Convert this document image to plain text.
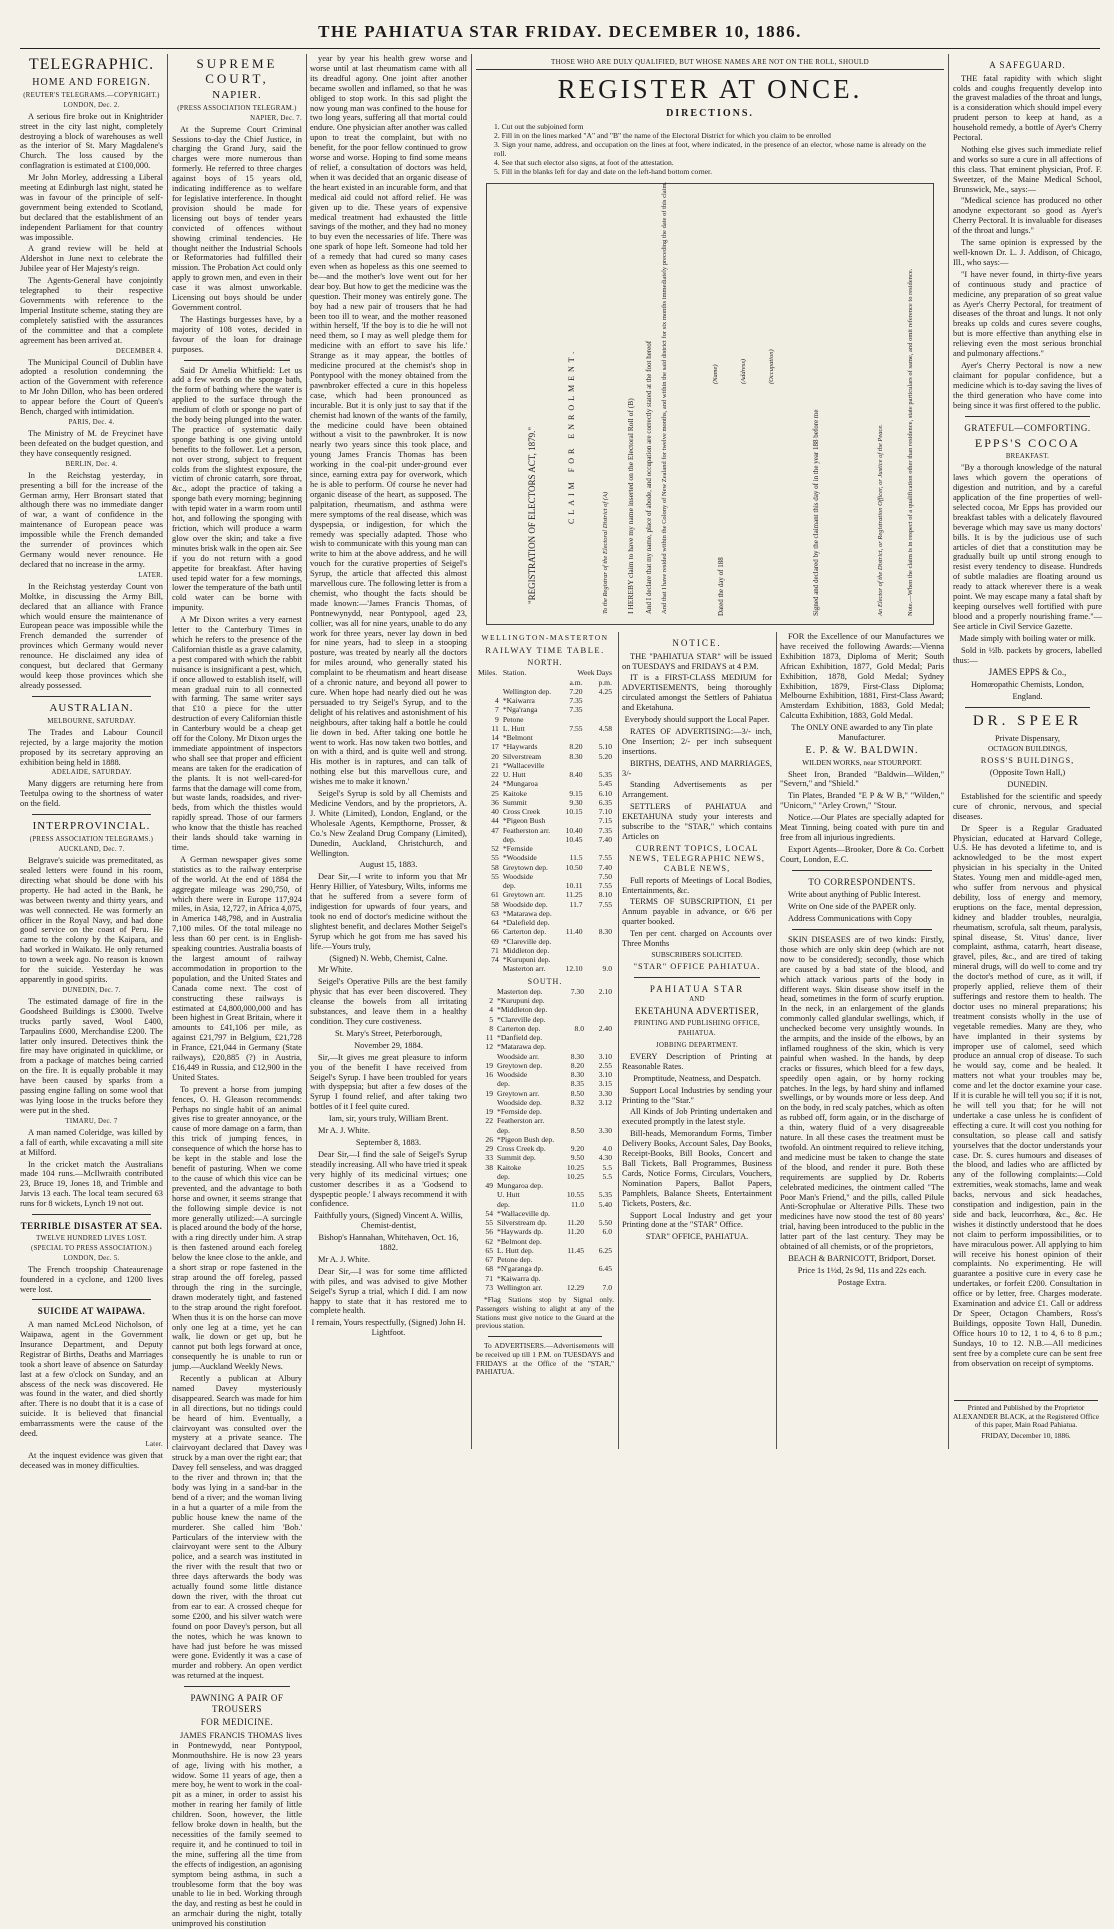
THE PAHIATUA STAR FRIDAY. DECEMBER 10, 1886.
TELEGRAPHIC.
HOME AND FOREIGN.
(REUTER'S TELEGRAMS.—COPYRIGHT.)
LONDON, Dec. 2.

A serious fire broke out in Knightrider street in the city last night, completely destroying a block of warehouses as well as the interior of St. Mary Magdalene's Church. The loss caused by the conflagration is estimated at £100,000.

Mr John Morley, addressing a Liberal meeting at Edinburgh last night, stated he was in favour of the principle of self-government being extended to Scotland, but declared that the establishment of an independent Parliament for that country was impossible.

A grand review will be held at Aldershot in June next to celebrate the Jubilee year of Her Majesty's reign.

The Agents-General have conjointly telegraphed to their respective Governments with reference to the Imperial Institute scheme, stating they are completely satisfied with the assurances of the committee and that a complete agreement has been arrived at.

DECEMBER 4.

The Municipal Council of Dublin have adopted a resolution condemning the action of the Government with reference to Mr John Dillon, who has been ordered to appear before the Court of Queen's Bench, charged with intimidation.

PARIS, Dec. 4.

The Ministry of M. de Freycinet have been defeated on the budget question, and they have consequently resigned.

BERLIN, Dec. 4.

In the Reichstag yesterday, in presenting a bill for the increase of the German army, Herr Bronsart stated that although there was no immediate danger of war, a want of confidence in the maintenance of European peace was impossible while the French demanded the surrender of provinces which Germany would never renounce. He declared that no increase in the army.

LATER.

In the Reichstag yesterday Count von Moltke, in discussing the Army Bill, declared that an alliance with France which would ensure the maintenance of European peace was impossible while the French demanded the surrender of provinces which Germany would never renounce. He disclaimed any idea of conquest, but declared that Germany would keep those provinces which she already possessed.

AUSTRALIAN.
MELBOURNE, SATURDAY.

The Trades and Labour Council rejected, by a large majority the motion proposed by its secretary approving an exhibition being held in 1888.

ADELAIDE, SATURDAY.

Many diggers are returning here from Teetulpa owing to the shortness of water on the field.

INTERPROVINCIAL.
(PRESS ASSOCIATION TELEGRAMS.)
AUCKLAND, Dec. 7.

Belgrave's suicide was premeditated, as sealed letters were found in his room, directing what should be done with his property. He had acted in the Bank, he was between twenty and thirty years, and was well connected. He was formerly an officer in the Royal Navy, and had done good service on the coast of Peru. He came to the colony by the Kaipara, and had worked in Waikato. He only returned to town a week ago. No reason is known for the suicide. Yesterday he was apparently in good spirits.

DUNEDIN, Dec. 7.

The estimated damage of fire in the Goodsheed Buildings is £3000. Twelve trucks partly saved, Wool £400, Tarpaulins £600, Merchandise £200. The latter only insured. Detectives think the fire may have originated in quicklime, or from a package of matches being carried on the fire. It is equally probable it may have been caused by sparks from a passing engine falling on some wool that was lying loose in the trucks before they were put in the shed.

TIMARU, Dec. 7

A man named Coleridge, was killed by a fall of earth, while excavating a mill site at Milford.

In the cricket match the Australians made 104 runs.—McIlwraith contributed 23, Bruce 19, Jones 18, and Trimble and Jarvis 13 each. The local team secured 63 runs for 8 wickets, Lynch 19 not out.

TERRIBLE DISASTER AT SEA.
TWELVE HUNDRED LIVES LOST.
(SPECIAL TO PRESS ASSOCIATION.)
LONDON, Dec. 5.

The French troopship Chateaurenage foundered in a cyclone, and 1200 lives were lost.

SUICIDE AT WAIPAWA.

A man named McLeod Nicholson, of Waipawa, agent in the Government Insurance Department, and Deputy Registrar of Births, Deaths and Marriages took a short leave of absence on Saturday last at a few o'clock on Sunday, and an abscess of the neck was discovered. He was found in the water, and died shortly after. There is no doubt that it is a case of suicide. It is believed that financial embarrassments were the cause of the deed.

Later.

At the inquest evidence was given that deceased was in money difficulties.

SUPREME COURT,
NAPIER.
(PRESS ASSOCIATION TELEGRAM.)
NAPIER, Dec. 7.

At the Supreme Court Criminal Sessions to-day the Chief Justice, in charging the Grand Jury, said the charges were more numerous than formerly. He referred to three charges against boys of 15 years old, indicating indifference as to welfare for legislative interference. In thought provision should be made for licensing out boys of tender years convicted of offences without showing criminal tendencies. He thought neither the Industrial Schools or Reformatories had fulfilled their mission. The Probation Act could only apply to grown men, and even in their case it was almost unworkable. Licensing out boys should be under Government control.

The Hastings burgesses have, by a majority of 108 votes, decided in favour of the loan for drainage purposes.

Said Dr Amelia Whitfield: Let us add a few words on the sponge bath, the form of bathing where the water is applied to the surface through the medium of cloth or sponge no part of the body being plunged into the water. The practice of systematic daily sponge bathing is one giving untold benefits to the follower. Let a person, not over strong, subject to frequent colds from the slightest exposure, the victim of chronic catarrh, sore throat, &c., adopt the practice of taking a sponge bath every morning; beginning with tepid water in a warm room until hot, and following the sponging with friction, which will produce a warm glow over the skin; and take a five minutes brisk walk in the open air. See if you do not return with a good appetite for breakfast. After having used tepid water for a few mornings, lower the temperature of the bath until cold water can be borne with impunity.

A Mr Dixon writes a very earnest letter to the Canterbury Times in which he refers to the presence of the Californian thistle as a grave calamity, a pest compared with which the rabbit nuisance is insignificant a pest, which, if once allowed to establish itself, will mean gradual ruin to all connected with farming. The same writer says that £10 a piece for the utter destruction of every Californian thistle in Canterbury would be a cheap get off for the Colony. Mr Dixon urges the immediate appointment of inspectors who shall see that proper and efficient means are taken for the eradication of the plants. It is not well-cared-for farms that the damage will come from, but waste lands, roadsides, and river-beds, from which the thistles would rapidly spread. Those of our farmers who know that the thistle has reached their lands should take warning in time.

A German newspaper gives some statistics as to the railway enterprise of the world. At the end of 1884 the aggregate mileage was 290,750, of which there were in Europe 117,924 miles, in Asia, 12,727, in Africa 4,075, in America 148,798, and in Australia 7,100 miles. Of the total mileage no less than 60 per cent. is in English-speaking countries. Australia boasts of the largest amount of railway accommodation in proportion to the population, and the United States and Canada come next. The cost of constructing these railways is estimated at £4,800,000,000 and has been highest in Great Britain, where it amounts to £41,106 per mile, as against £21,797 in Belgium, £21,728 in France, £21,044 in Germany (State railways), £20,885 (?) in Austria, £16,449 in Russia, and £12,900 in the United States.

To prevent a horse from jumping fences, O. H. Gleason recommends: Perhaps no single habit of an animal gives rise to greater annoyance, or the cause of more damage on a farm, than this trick of jumping fences, in consequence of which the horse has to be kept in the stable and lose the benefit of pasturing. When we come to the cause of which this vice can be prevented, and the advantage to both horse and owner, it seems strange that the following simple device is not more generally utilized:—A surcingle is placed around the body of the horse, with a ring directly under him. A strap is then fastened around each foreleg below the knee close to the ankle, and a short strap or rope fastened in the strap around the off foreleg, passed through the ring in the surcingle, drawn moderately tight, and fastened to the strap around the right forefoot. When thus it is on the horse can move only one leg at a time, yet he can walk, lie down or get up, but he cannot put both legs forward at once, consequently he is unable to run or jump.—Auckland Weekly News.

Recently a publican at Albury named Davey mysteriously disappeared. Search was made for him in all directions, but no tidings could be heard of him. Eventually, a clairvoyant was consulted over the mystery at a private seance. The clairvoyant declared that Davey was struck by a man over the right ear; that Davey fell senseless, and was dragged to the river and thrown in; that the body was lying in a sand-bar in the bend of a river; and the woman living in a hut a quarter of a mile from the public house knew the name of the murderer. She called him 'Bob.' Particulars of the interview with the clairvoyant were sent to the Albury police, and a search was instituted in the river with the result that two or three days afterwards the body was actually found some little distance down the river, with the throat cut from ear to ear. A crossed cheque for some £200, and his silver watch were found on poor Davey's person, but all the notes, which he was known to have had just before he was missed were gone. Evidently it was a case of murder and robbery. An open verdict was returned at the inquest.

PAWNING A PAIR OF TROUSERS
FOR MEDICINE.

JAMES FRANCIS THOMAS lives in Pontnewydd, near Pontypool, Monmouthshire. He is now 23 years of age, living with his mother, a widow. Some 11 years of age, then a mere boy, he went to work in the coal-pit as a miner, in order to assist his mother in rearing her family of little children. Soon, however, the little fellow broke down in health, but the necessities of the family seemed to require it, and he continued to toil in the mine, suffering all the time from the effects of indigestion, an agonising symptom being asthma, in such a troublesome form that the boy was unable to lie in bed. Working through the day, and resting as best he could in an armchair during the night, totally unimproved his constitution

year by year his health grew worse and worse until at last rheumatism came with all its dreadful agony. One joint after another became swollen and inflamed, so that he was obliged to stop work. In this sad plight the now young man was confined to the house for two long years, suffering all that mortal could endure. One physician after another was called upon to treat the complaint, but with no benefit, for the poor fellow continued to grow worse and worse. Hoping to find some means of relief, a consultation of doctors was held, when it was decided that an organic disease of the heart existed in an incurable form, and that medical aid could not afford relief. He was given up to die. These years of expensive medical treatment had exhausted the little savings of the mother, and they had no money to buy even the necessaries of life. There was one spark of hope left. Someone had told her of a remedy that had cured so many cases even when as hopeless as this one seemed to be—and the mother's love went out for her dear boy. But how to get the medicine was the question. Their money was entirely gone. The boy had a new pair of trousers that he had been too ill to wear, and the mother reasoned within herself, 'If the boy is to die he will not need them, so I may as well pledge them for medicine with an effort to save his life.' Strange as it may appear, the bottles of medicine procured at the chemist's shop in Pontypool with the money obtained from the pawnbroker effected a cure in this hopeless case, which had been pronounced as incurable. But it is only just to say that if the chemist had known of the wants of the family, the medicine could have been obtained without a visit to the pawnbroker. It is now nearly two years since this took place, and young James Francis Thomas has been working in the coal-pit under-ground ever since, earning extra pay for overwork, which he is able to perform. Of course he never had organic disease of the heart, as supposed. The palpitation, rheumatism, and asthma were mere symptoms of the real disease, which was dyspepsia, or indigestion, for which the remedy was specially adapted. Those who wish to communicate with this young man can write to him at the above address, and he will vouch for the curative properties of Seigel's Syrup, the article that affected this almost marvellous cure. The following letter is from a chemist, who thought the facts should be made known:—'James Francis Thomas, of Pontnewynydd, near Pontypool, aged 23, collier, was all for nine years, unable to do any work for three years, never lay down in bed for nine years, had to sleep in a stooping posture, was treated by nearly all the doctors for miles around, who generally stated his complaint to be rheumatism and heart disease of a chronic nature, and beyond all power to cure. When hope had nearly died out he was persuaded to try Seigel's Syrup, and to the delight of his relatives and astonishment of his neighbours, after taking half a bottle he could lie down in bed. After taking one bottle he went to work. Has now taken two bottles, and on with a third, and is quite well and strong. His mother is in raptures, and can talk of nothing else but this marvellous cure, and wishes me to make it known.'

Seigel's Syrup is sold by all Chemists and Medicine Vendors, and by the proprietors, A. J. White (Limited), London, England, or the Wholesale Agents, Kempthorne, Prosser, & Co.'s New Zealand Drug Company (Limited), Dunedin, Auckland, Christchurch, and Wellington.

August 15, 1883.

Dear Sir,—I write to inform you that Mr Henry Hillier, of Yatesbury, Wilts, informs me that he suffered from a severe form of indigestion for upwards of four years, and took no end of doctor's medicine without the slightest benefit, and declares Mother Seigel's Syrup which he got from me has saved his life.—Yours truly,

(Signed) N. Webb, Chemist, Calne.

Mr White.

Seigel's Operative Pills are the best family physic that has ever been discovered. They cleanse the bowels from all irritating substances, and leave them in a healthy condition. They cure costiveness.

St. Mary's Street, Peterborough,

November 29, 1884.

Sir,—It gives me great pleasure to inform you of the benefit I have received from Seigel's Syrup. I have been troubled for years with dyspepsia; but after a few doses of the Syrup I found relief, and after taking two bottles of it I feel quite cured.

Iam, sir, yours truly, William Brent.

Mr A. J. White.

September 8, 1883.

Dear Sir,—I find the sale of Seigel's Syrup steadily increasing. All who have tried it speak very highly of its medicinal virtues; one customer describes it as a 'Godsend to dyspeptic people.' I always recommend it with confidence.

Faithfully yours, (Signed) Vincent A. Willis, Chemist-dentist,

Bishop's Hannahan, Whitehaven, Oct. 16, 1882.

Mr A. J. White.

Dear Sir,—I was for some time afflicted with piles, and was advised to give Mother Seigel's Syrup a trial, which I did. I am now happy to state that it has restored me to complete health.

I remain, Yours respectfully, (Signed) John H. Lightfoot.

THOSE WHO ARE DULY QUALIFIED, BUT WHOSE NAMES ARE NOT ON THE ROLL, SHOULD
REGISTER AT ONCE.
DIRECTIONS.

1. Cut out the subjoined form

2. Fill in on the lines marked "A" and "B" the name of the Electoral District for which you claim to be enrolled

3. Sign your name, address, and occupation on the lines at foot, where indicated, in the presence of an elector, whose name is already on the roll.

4. See that such elector also signs, at foot of the attestation.

5. Fill in the blanks left for day and date on the left-hand bottom corner.

"REGISTRATION OF ELECTORS ACT, 1879."	CLAIM FOR ENROLMENT.
To the Registrar of the Electoral District of (A) I HEREBY claim to have my name inserted on the Electoral Roll of (B) And I declare that my name, place of abode, and occupation are correctly stated at the foot hereof And that I have resided within the Colony of New Zealand for twelve months, and within the said district for six months immediately preceding the date of this claim.	(Name)	(Address)	(Occupation)
Dated the day of 188	Signed and declared by the claimant this day of in the year 188 before me	An Elector of the District, or Registration Officer, or Justice of the Peace.	Note.—When the claim is in respect of a qualification other than residence, state particulars of same, and omit reference to residence.
WELLINGTON-MASTERTON
RAILWAY TIME TABLE.
NORTH.
Miles.	Station.	Week Days	
		a.m.	p.m.
	Wellington dep.	7.20	4.25
4	*Kaiwarra	7.35	
7	*Nga'ranga	7.35	
9	Petone		
11	L. Hutt	7.55	4.58
14	*Belmont		
17	*Haywards	8.20	5.10
20	Silverstream	8.30	5.20
21	*Wallaceville		
22	U. Hutt	8.40	5.35
24	*Mungaroa		5.45
25	Kaitoke	9.15	6.10
36	Summit	9.30	6.35
40	Cross Creek	10.15	7.10
44	*Pigeon Bush		7.15
47	Featherston arr.	10.40	7.35
	dep.	10.45	7.40
52	*Fernside		
55	*Woodside	11.5	7.55
58	Greytown dep.	10.50	7.40
55	Woodside		7.50
	dep.	10.11	7.55
61	Greytown arr.	11.25	8.10
58	Woodside dep.	11.7	7.55
63	*Matarawa dep.		
64	*Dalefield dep.		
66	Carterton dep.	11.40	8.30
69	*Clareville dep.		
71	Middleton dep.		
74	*Kurupuni dep.		
	Masterton arr.	12.10	9.0
SOUTH.
	Masterton dep.	7.30	2.10
2	*Kurupuni dep.		
4	*Middleton dep.		
5	*Clareville dep.		
8	Carterton dep.	8.0	2.40
11	*Danfield dep.		
12	*Matarawa dep.		
	Woodside arr.	8.30	3.10
19	Greytown dep.	8.20	2.55
16	Woodside	8.30	3.10
	dep.	8.35	3.15
19	Greytown arr.	8.50	3.30
	Woodside dep.	8.32	3.12
19	*Fernside dep.		
22	Featherston arr.		
	dep.	8.50	3.30
26	*Pigeon Bush dep.		
29	Cross Creek dp.	9.20	4.0
33	Summit dep.	9.50	4.30
38	Kaitoke	10.25	5.5
	dep.	10.25	5.5
49	Mungaroa dep.		
	U. Hutt	10.55	5.35
	dep.	11.0	5.40
54	*Wallaceville dp.		
55	Silverstream dp.	11.20	5.50
56	*Haywards dp.	11.20	6.0
62	*Belmont dep.		
65	L. Hutt dep.	11.45	6.25
67	Petone dep.		
68	*N'garanga dp.		6.45
71	*Kaiwarra dp.		
73	Wellington arr.	12.29	7.0

*Flag Stations stop by Signal only. Passengers wishing to alight at any of the Stations must give notice to the Guard at the previous station.

To ADVERTISERS.—Advertisements will be received up till 1 P.M. on TUESDAYS and FRIDAYS at the Office of the "STAR," PAHIATUA.

NOTICE.

THE "PAHIATUA STAR" will be issued on TUESDAYS and FRIDAYS at 4 P.M.

IT is a FIRST-CLASS MEDIUM for ADVERTISEMENTS, being thoroughly circulated amongst the Settlers of Pahiatua and Eketahuna.

Everybody should support the Local Paper.

RATES OF ADVERTISING:—3/- inch, One Insertion; 2/- per inch subsequent insertions.

BIRTHS, DEATHS, AND MARRIAGES, 3/-

Standing Advertisements as per Arrangement.

SETTLERS of PAHIATUA and EKETAHUNA study your interests and subscribe to the "STAR," which contains Articles on

CURRENT TOPICS, LOCAL NEWS, TELEGRAPHIC NEWS, CABLE NEWS,

Full reports of Meetings of Local Bodies, Entertainments, &c.

TERMS OF SUBSCRIPTION, £1 per Annum payable in advance, or 6/6 per quarter booked.

Ten per cent. charged on Accounts over Three Months

SUBSCRIBERS SOLICITED.

"STAR" OFFICE PAHIATUA.

PAHIATUA STAR
AND
EKETAHUNA ADVERTISER,
PRINTING AND PUBLISHING OFFICE,
PAHIATUA.
JOBBING DEPARTMENT.

EVERY Description of Printing at Reasonable Rates.

Promptitude, Neatness, and Despatch.

Support Local Industries by sending your Printing to the "Star."

All Kinds of Job Printing undertaken and executed promptly in the latest style.

Bill-heads, Memorandum Forms, Timber Delivery Books, Account Sales, Day Books, Receipt-Books, Bill Books, Concert and Ball Tickets, Ball Programmes, Business Cards, Notice Forms, Circulars, Vouchers, Nomination Papers, Ballot Papers, Pamphlets, Balance Sheets, Entertainment Tickets, Posters, &c.

Support Local Industry and get your Printing done at the "STAR" Office.

STAR" OFFICE, PAHIATUA.

FOR the Excellence of our Manufactures we have received the following Awards:—Vienna Exhibition 1873, Diploma of Merit; South African Exhibition, 1877, Gold Medal; Paris Exhibition, 1878, Gold Medal; Sydney Exhibition, 1879, First-Class Diploma; Melbourne Exhibition, 1881, First-Class Award; Amsterdam Exhibition, 1883, Gold Medal; Calcutta Exhibition, 1883, Gold Medal.

The ONLY ONE awarded to any Tin plate Manufacturer.

E. P. & W. BALDWIN.

WILDEN WORKS, near STOURPORT.

Sheet Iron, Branded "Baldwin—Wilden," "Severn," and "Shield."

Tin Plates, Branded "E P & W B," "Wilden," "Unicorn," "Arley Crown," "Stour.

Notice.—Our Plates are specially adapted for Meat Tinning, being coated with pure tin and free from all injurious ingredients.

Export Agents—Brooker, Dore & Co. Corbett Court, London, E.C.

TO CORRESPONDENTS.

Write about anything of Public Interest.

Write on One side of the PAPER only.

Address Communications with Copy

SKIN DISEASES are of two kinds: Firstly, those which are only skin deep (which are not now to be considered); secondly, those which are caused by a bad state of the blood, and which attack various parts of the body in different ways. Skin disease show itself in the head, sometimes in the form of scurfy eruption. In the neck, in an enlargement of the glands commonly called glandular swellings, which, if unchecked become very unsightly wounds. In the armpits, and the inside of the elbows, by an inflamed roughness of the skin, which is very painful when washed. In the hands, by deep cracks or fissures, which bleed for a few days, speedily open again, or by horny rocking patches. In the legs, by hard shiny and inflamed swellings, or by wounds more or less deep. And on the body, in red scaly patches, which as often as rubbed off, form again, or in the discharge of a thin, watery fluid of a very disagreeable nature. In all these cases the treatment must be twofold. An ointment required to relieve itching, and medicine must be taken to change the state of the blood, and render it pure. Both these requirements are supplied by Dr. Roberts celebrated medicines, the ointment called "The Poor Man's Friend," and the pills, called Pilule Anti-Scrophulae or Alterative Pills. These two medicines have now stood the test of 80 years' trial, having been introduced to the public in the latter part of the last century. They may be obtained of all chemists, or of the proprietors,

BEACH & BARNICOTT, Bridport, Dorset.

Price 1s 1½d, 2s 9d, 11s and 22s each.

Postage Extra.

A SAFEGUARD.

THE fatal rapidity with which slight colds and coughs frequently develop into the gravest maladies of the throat and lungs, is a consideration which should impel every prudent person to keep at hand, as a household remedy, a bottle of Ayer's Cherry Pectoral.

Nothing else gives such immediate relief and works so sure a cure in all affections of this class. That eminent physician, Prof. F. Sweetzer, of the Maine Medical School, Brunswick, Me., says:—

"Medical science has produced no other anodyne expectorant so good as Ayer's Cherry Pectoral. It is invaluable for diseases of the throat and lungs."

The same opinion is expressed by the well-known Dr. L. J. Addison, of Chicago, Ill., who says:—

"I have never found, in thirty-five years of continuous study and practice of medicine, any preparation of so great value as Ayer's Cherry Pectoral, for treatment of diseases of the throat and lungs. It not only breaks up colds and cures severe coughs, but is more effective than anything else in relieving even the most serious bronchial and pulmonary affections."

Ayer's Cherry Pectoral is now a new claimant for popular confidence, but a medicine which is to-day saving the lives of the third generation who have come into being since it was first offered to the public.

GRATEFUL—COMFORTING.
EPPS'S COCOA
BREAKFAST.

"By a thorough knowledge of the natural laws which govern the operations of digestion and nutrition, and by a careful application of the fine properties of well-selected cocoa, Mr Epps has provided our breakfast tables with a delicately flavoured beverage which may save us many doctors' bills. It is by the judicious use of such articles of diet that a constitution may be gradually built up until strong enough to resist every tendency to disease. Hundreds of subtle maladies are floating around us ready to attack wherever there is a weak point. We may escape many a fatal shaft by keeping ourselves well fortified with pure blood and a properly nourishing frame."—See article in Civil Service Gazette.

Made simply with boiling water or milk.

Sold in ½lb. packets by grocers, labelled thus:—

JAMES EPPS & Co.,

Homœopathic Chemists, London,

England.

DR. SPEER

Private Dispensary,

OCTAGON BUILDINGS,

ROSS'S BUILDINGS,

(Opposite Town Hall,)

DUNEDIN.

Established for the scientific and speedy cure of chronic, nervous, and special diseases.

Dr Speer is a Regular Graduated Physician, educated at Harvard College, U.S. He has devoted a lifetime to, and is acknowledged to be the most expert physician in his specialty in the United States. Young men and middle-aged men, who suffer from nervous and physical debility, loss of energy and memory, eruptions on the face, mental depression, kidney and bladder troubles, neuralgia, rheumatism, scrofula, salt rheum, paralysis, spinal disease, St. Vitus' dance, liver complaint, asthma, catarrh, heart disease, gravel, piles, &c., and are tired of taking mineral drugs, will do well to come and try the doctor's method of cure, as it will, if properly applied, relieve them of their sufferings and restore them to health. The doctor uses no mineral preparations; his treatment consists wholly in the use of vegetable remedies. Many are they, who have implanted in their systems by improper use of calomel, seed which produce an annual crop of disease. To such he would say, come and be healed. It matters not what your troubles may be, come and let the doctor examine your case. If it is curable he will tell you so; if it is not, he will tell you that; for he will not undertake a case unless he is confident of effecting a cure. It will cost you nothing for consultation, so please call and satisfy yourselves that the doctor understands your case. Dr. S. cures humours and diseases of the blood, and ladies who are afflicted by any of the following complaints:—Cold extremities, weak stomachs, lame and weak backs, nervous and sick headaches, constipation and indigestion, pain in the side and back, leucorrhœa, &c., &c. He wishes it distinctly understood that he does not claim to perform impossibilities, or to have miraculous power. All applying to him will receive his honest opinion of their complaints. No experimenting. He will guarantee a positive cure in every case he undertakes, or forfeit £200. Consultation in office or by letter, free. Charges moderate. Examination and advice £1. Call or address Dr Speer, Octagon Chambers, Ross's Buildings, opposite Town Hall, Dunedin. Office hours 10 to 12, 1 to 4, 6 to 8 p.m.; Sundays, 10 to 12. N.B.—All medicines sent free by a complete cure can be sent free from observation on receipt of symptoms.

Printed and Published by the Proprietor ALEXANDER BLACK, at the Registered Office of this paper, Main Road Pahiatua.
FRIDAY, December 10, 1886.
